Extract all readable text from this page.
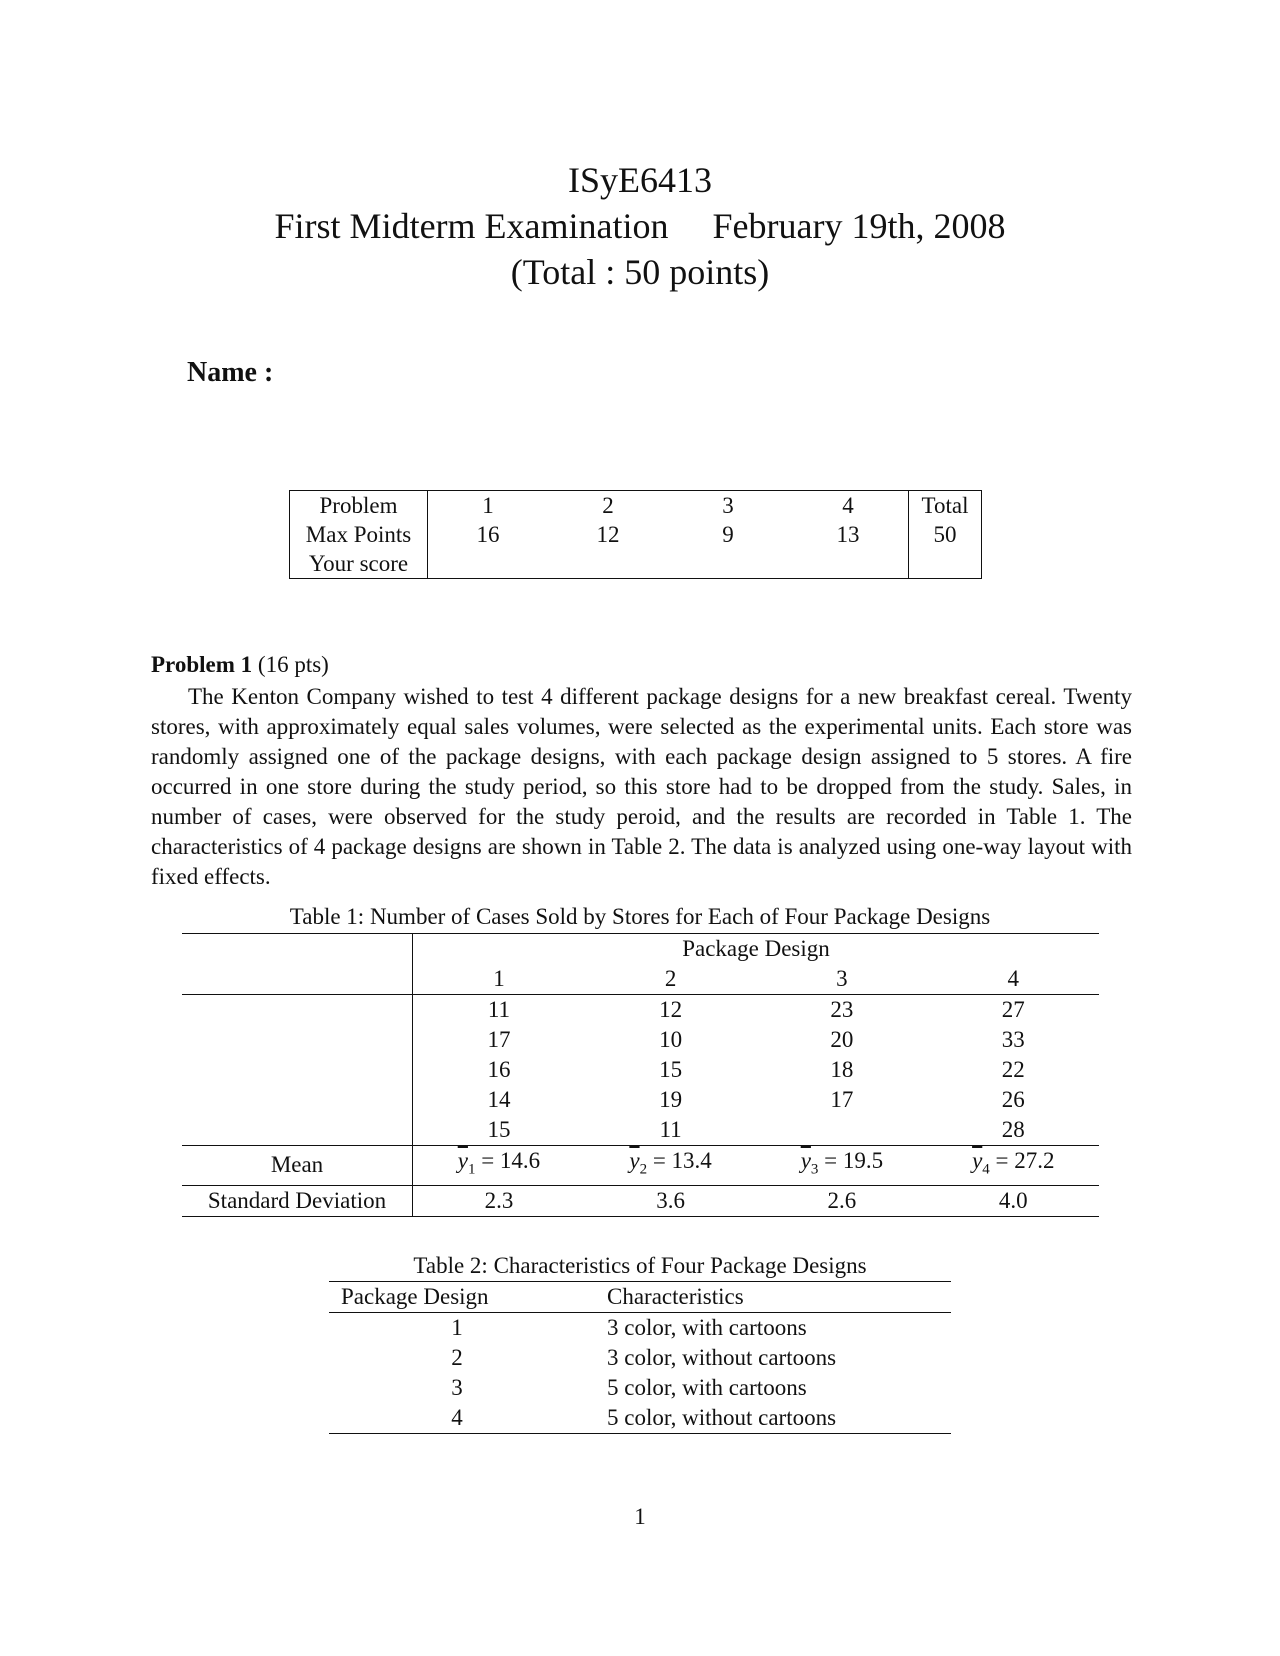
ISyE6413
First Midterm Examination February 19th, 2008
(Total : 50 points)
Name :
Problem	1	2	3	4	Total
Max Points	16	12	9	13	50
Your score					
Problem 1 (16 pts)
The Kenton Company wished to test 4 different package designs for a new breakfast cereal. Twenty stores, with approximately equal sales volumes, were selected as the experimental units. Each store was randomly assigned one of the package designs, with each package design assigned to 5 stores. A fire occurred in one store during the study period, so this store had to be dropped from the study. Sales, in number of cases, were observed for the study peroid, and the results are recorded in Table 1. The characteristics of 4 package designs are shown in Table 2. The data is analyzed using one-way layout with fixed effects.
Table 1: Number of Cases Sold by Stores for Each of Four Package Designs
	Package Design			
	1	2	3	4
	11	12	23	27
	17	10	20	33
	16	15	18	22
	14	19	17	26
	15	11		28
Mean	$\overline{y}_1 = 14.6$	$\overline{y}_2 = 13.4$	$\overline{y}_3 = 19.5$	$\overline{y}_4 = 27.2$
Standard Deviation	2.3	3.6	2.6	4.0
Table 2: Characteristics of Four Package Designs
Package Design	Characteristics
1	3 color, with cartoons
2	3 color, without cartoons
3	5 color, with cartoons
4	5 color, without cartoons
1
